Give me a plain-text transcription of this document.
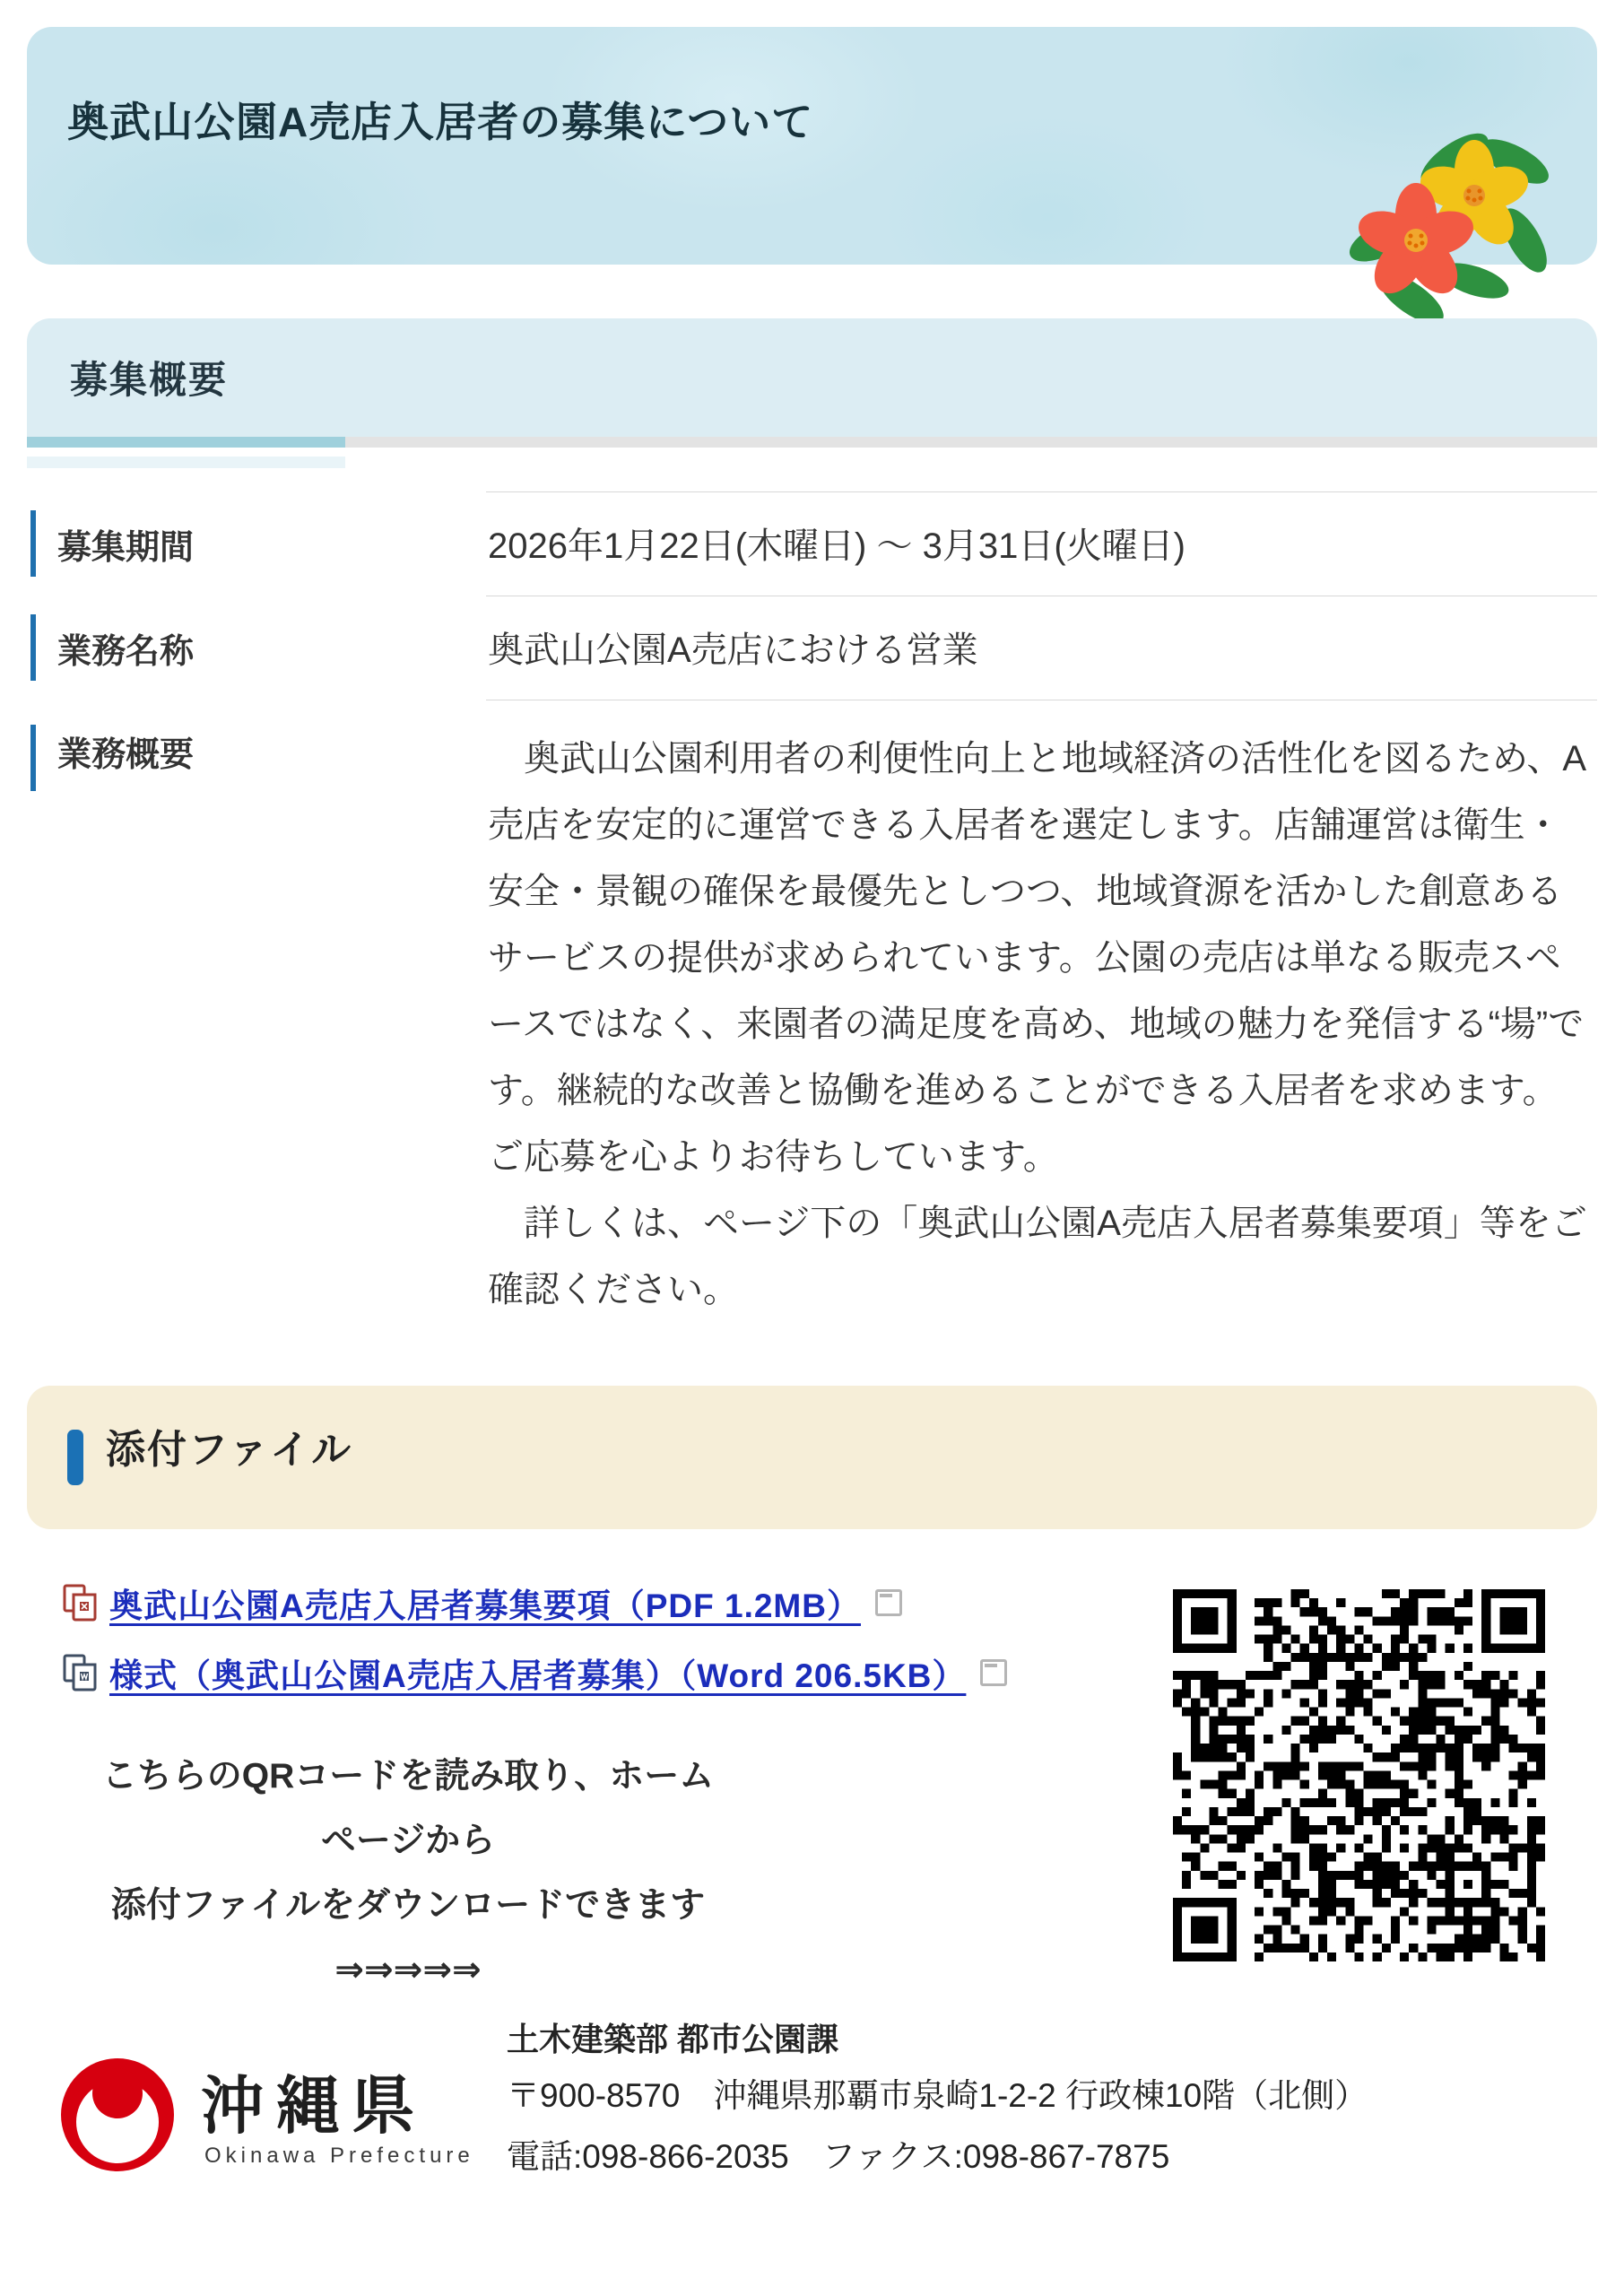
奥武山公園A売店入居者の募集について
募集概要
募集期間	2026年1月22日(木曜日) ～ 3月31日(火曜日)
業務名称	奥武山公園A売店における営業
業務概要	奥武山公園利用者の利便性向上と地域経済の活性化を図るため、A売店を安定的に運営できる入居者を選定します。店舗運営は衛生・安全・景観の確保を最優先としつつ、地域資源を活かした創意あるサービスの提供が求められています。公園の売店は単なる販売スペースではなく、来園者の満足度を高め、地域の魅力を発信する“場”です。継続的な改善と協働を進めることができる入居者を求めます。ご応募を心よりお待ちしています。

詳しくは、ページ下の「奥武山公園A売店入居者募集要項」等をご確認ください。

添付ファイル
奥武山公園A売店入居者募集要項（PDF 1.2MB）
様式（奥武山公園A売店入居者募集）（Word 206.5KB）
こちらのQRコードを読み取り、ホームページから
添付ファイルをダウンロードできます ⇒⇒⇒⇒⇒

沖縄県

Okinawa Prefecture

土木建築部 都市公園課
〒900-8570　沖縄県那覇市泉崎1-2-2 行政棟10階（北側）
電話:098-866-2035　ファクス:098-867-7875
